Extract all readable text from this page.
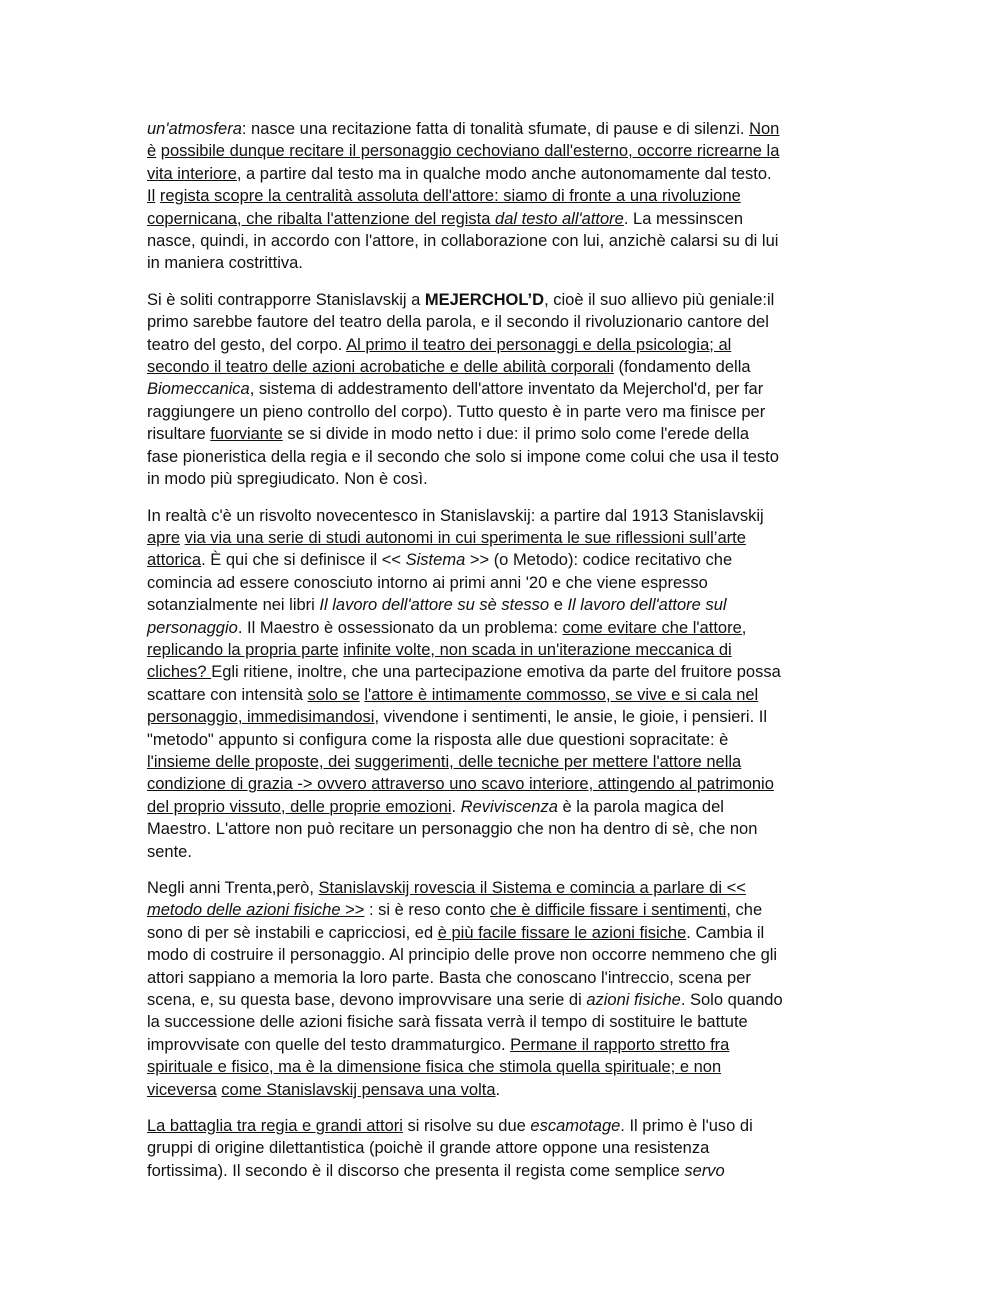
un'atmosfera: nasce una recitazione fatta di tonalità sfumate, di pause e di silenzi. Non
è possibile dunque recitare il personaggio cechoviano dall'esterno, occorre ricrearne la
vita interiore, a partire dal testo ma in qualche modo anche autonomamente dal testo.
Il regista scopre la centralità assoluta dell'attore: siamo di fronte a una rivoluzione
copernicana, che ribalta l'attenzione del regista dal testo all'attore. La messinscen
nasce, quindi, in accordo con l'attore, in collaborazione con lui, anzichè calarsi su di lui
in maniera costrittiva.
Si è soliti contrapporre Stanislavskij a MEJERCHOL’D, cioè il suo allievo più geniale:il
primo sarebbe fautore del teatro della parola, e il secondo il rivoluzionario cantore del
teatro del gesto, del corpo. Al primo il teatro dei personaggi e della psicologia; al
secondo il teatro delle azioni acrobatiche e delle abilità corporali (fondamento della
Biomeccanica, sistema di addestramento dell'attore inventato da Mejerchol'd, per far
raggiungere un pieno controllo del corpo). Tutto questo è in parte vero ma finisce per
risultare fuorviante se si divide in modo netto i due: il primo solo come l'erede della
fase pioneristica della regia e il secondo che solo si impone come colui che usa il testo
in modo più spregiudicato. Non è così.
In realtà c'è un risvolto novecentesco in Stanislavskij: a partire dal 1913 Stanislavskij
apre via via una serie di studi autonomi in cui sperimenta le sue riflessioni sull’arte
attorica. È qui che si definisce il << Sistema >> (o Metodo): codice recitativo che
comincia ad essere conosciuto intorno ai primi anni '20 e che viene espresso
sotanzialmente nei libri Il lavoro dell'attore su sè stesso e Il lavoro dell'attore sul
personaggio. Il Maestro è ossessionato da un problema: come evitare che l'attore,
replicando la propria parte infinite volte, non scada in un'iterazione meccanica di
cliches? Egli ritiene, inoltre, che una partecipazione emotiva da parte del fruitore possa
scattare con intensità solo se l'attore è intimamente commosso, se vive e si cala nel
personaggio, immedisimandosi, vivendone i sentimenti, le ansie, le gioie, i pensieri. Il
"metodo" appunto si configura come la risposta alle due questioni sopracitate: è
l'insieme delle proposte, dei suggerimenti, delle tecniche per mettere l'attore nella
condizione di grazia -> ovvero attraverso uno scavo interiore, attingendo al patrimonio
del proprio vissuto, delle proprie emozioni. Reviviscenza è la parola magica del
Maestro. L'attore non può recitare un personaggio che non ha dentro di sè, che non
sente.
Negli anni Trenta,però, Stanislavskij rovescia il Sistema e comincia a parlare di <<
metodo delle azioni fisiche >> : si è reso conto che è difficile fissare i sentimenti, che
sono di per sè instabili e capricciosi, ed è più facile fissare le azioni fisiche. Cambia il
modo di costruire il personaggio. Al principio delle prove non occorre nemmeno che gli
attori sappiano a memoria la loro parte. Basta che conoscano l'intreccio, scena per
scena, e, su questa base, devono improvvisare una serie di azioni fisiche. Solo quando
la successione delle azioni fisiche sarà fissata verrà il tempo di sostituire le battute
improvvisate con quelle del testo drammaturgico. Permane il rapporto stretto fra
spirituale e fisico, ma è la dimensione fisica che stimola quella spirituale; e non
viceversa come Stanislavskij pensava una volta.
La battaglia tra regia e grandi attori si risolve su due escamotage. Il primo è l'uso di
gruppi di origine dilettantistica (poichè il grande attore oppone una resistenza
fortissima). Il secondo è il discorso che presenta il regista come semplice servo
